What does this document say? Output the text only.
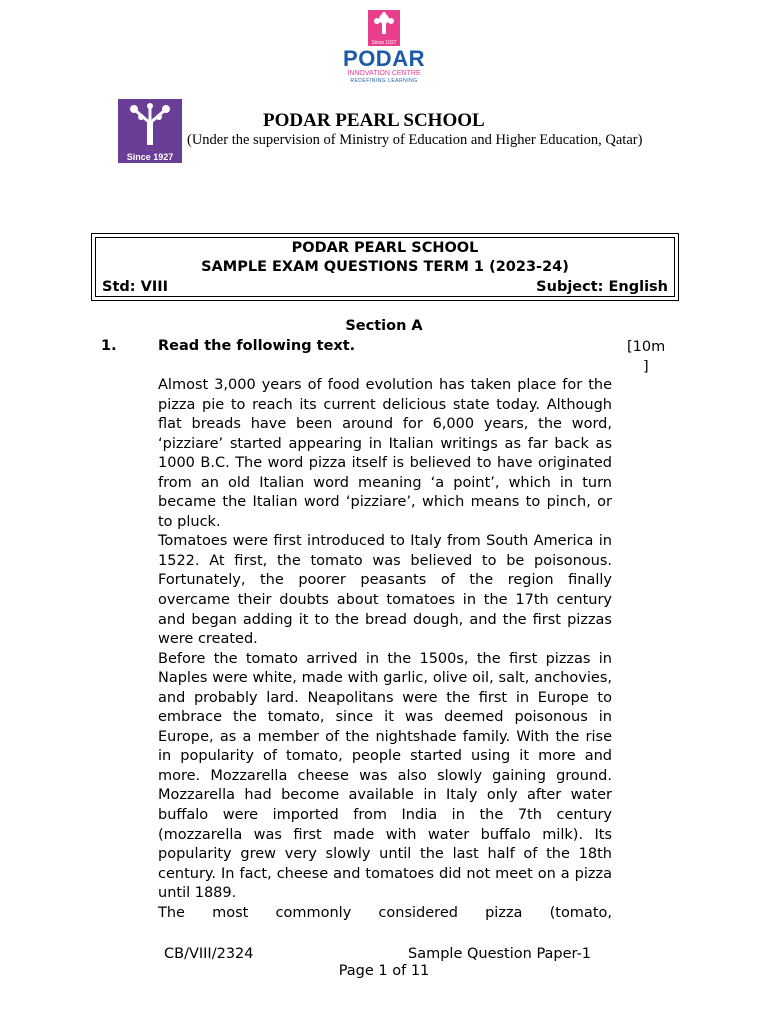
Since 1927
PODAR
INNOVATION CENTRE
REDEFINING LEARNING
Since 1927
PODAR PEARL SCHOOL
(Under the supervision of Ministry of Education and Higher Education, Qatar)
PODAR PEARL SCHOOL
SAMPLE EXAM QUESTIONS TERM 1 (2023-24)
Std: VIII	Subject: English
Section A
1.	Read the following text.	[10m
]

Almost 3,000 years of food evolution has taken place for the pizza pie to reach its current delicious state today. Although flat breads have been around for 6,000 years, the word, ‘pizziare’ started appearing in Italian writings as far back as 1000 B.C. The word pizza itself is believed to have originated from an old Italian word meaning ‘a point’, which in turn became the Italian word ‘pizziare’, which means to pinch, or to pluck.

Tomatoes were first introduced to Italy from South America in 1522. At first, the tomato was believed to be poisonous. Fortunately, the poorer peasants of the region finally overcame their doubts about tomatoes in the 17th century and began adding it to the bread dough, and the first pizzas were created.

Before the tomato arrived in the 1500s, the first pizzas in Naples were white, made with garlic, olive oil, salt, anchovies, and probably lard. Neapolitans were the first in Europe to embrace the tomato, since it was deemed poisonous in Europe, as a member of the nightshade family. With the rise in popularity of tomato, people started using it more and more. Mozzarella cheese was also slowly gaining ground. Mozzarella had become available in Italy only after water buffalo were imported from India in the 7th century (mozzarella was first made with water buffalo milk). Its popularity grew very slowly until the last half of the 18th century. In fact, cheese and tomatoes did not meet on a pizza until 1889.

The most commonly considered pizza (tomato,

CB/VIII/2324	Sample Question Paper-1
Page 1 of 11
